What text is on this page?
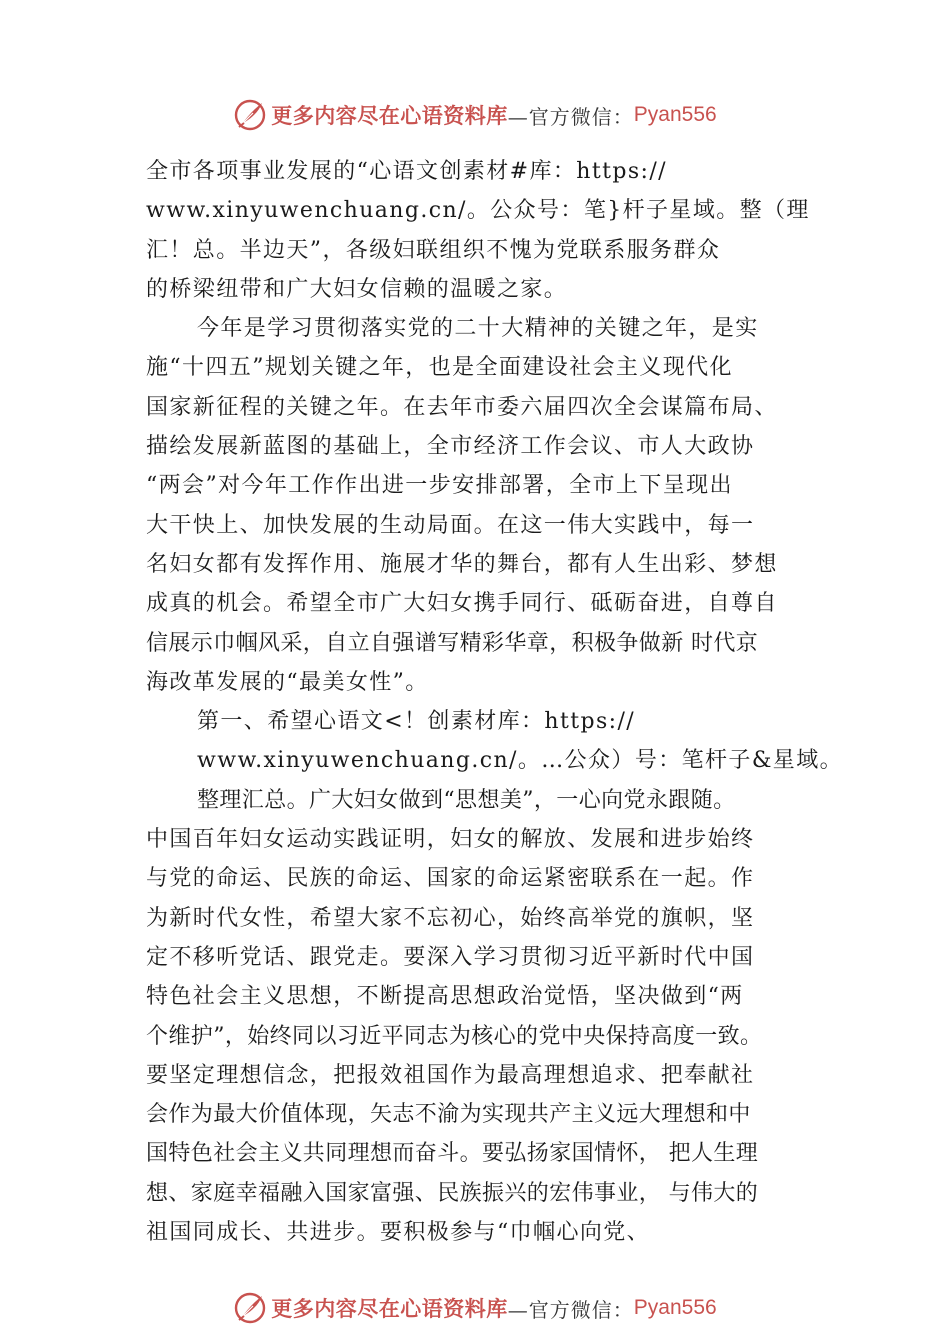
更多内容尽在心语资料库 —官方微信： Pyan556
全市各项事业发展的“心语文创素材#库：https://
www.xinyuwenchuang.cn/。公众号：笔}杆子星域。整（理
汇！总。半边天”，各级妇联组织不愧为党联系服务群众
的桥梁纽带和广大妇女信赖的温暖之家。
今年是学习贯彻落实党的二十大精神的关键之年，是实
施“十四五”规划关键之年，也是全面建设社会主义现代化
国家新征程的关键之年。在去年市委六届四次全会谋篇布局、
描绘发展新蓝图的基础上，全市经济工作会议、市人大政协
“两会”对今年工作作出进一步安排部署，全市上下呈现出
大干快上、加快发展的生动局面。在这一伟大实践中，每一
名妇女都有发挥作用、施展才华的舞台，都有人生出彩、梦想
成真的机会。希望全市广大妇女携手同行、砥砺奋进，自尊自
信展示巾帼风采，自立自强谱写精彩华章，积极争做新 时代京
海改革发展的“最美女性”。
第一、希望心语文<！创素材库：https://
www.xinyuwenchuang.cn/。…公众）号：笔杆子&星域。
整理汇总。广大妇女做到“思想美”，一心向党永跟随。
中国百年妇女运动实践证明，妇女的解放、发展和进步始终
与党的命运、民族的命运、国家的命运紧密联系在一起。作
为新时代女性，希望大家不忘初心，始终高举党的旗帜，坚
定不移听党话、跟党走。要深入学习贯彻习近平新时代中国
特色社会主义思想，不断提高思想政治觉悟，坚决做到“两
个维护”，始终同以习近平同志为核心的党中央保持高度一致。
要坚定理想信念，把报效祖国作为最高理想追求、把奉献社
会作为最大价值体现，矢志不渝为实现共产主义远大理想和中
国特色社会主义共同理想而奋斗。要弘扬家国情怀， 把人生理
想、家庭幸福融入国家富强、民族振兴的宏伟事业， 与伟大的
祖国同成长、共进步。要积极参与“巾帼心向党、
更多内容尽在心语资料库 —官方微信： Pyan556
